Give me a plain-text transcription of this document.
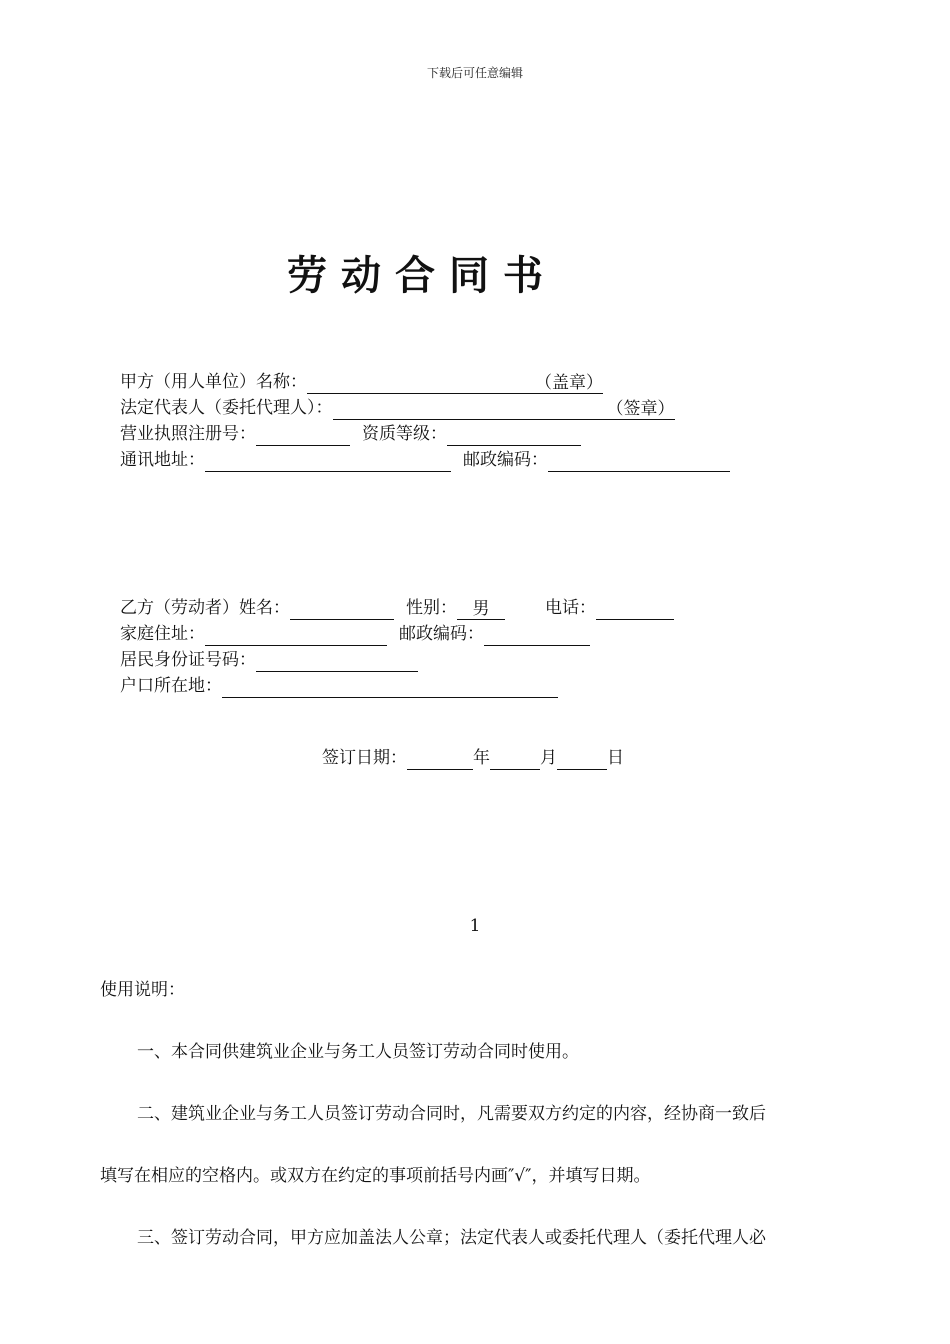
下载后可任意编辑
劳动合同书
甲方（用人单位）名称：	（盖章）
法定代表人（委托代理人）：	（签章）
营业执照注册号：	资质等级：
通讯地址：	邮政编码：
乙方（劳动者）姓名：	性别： 男	电话：
家庭住址：	邮政编码：
居民身份证号码：
户口所在地：
签订日期：	年	月	日
1
使用说明：
一、本合同供建筑业企业与务工人员签订劳动合同时使用。
二、建筑业企业与务工人员签订劳动合同时，凡需要双方约定的内容，经协商一致后
填写在相应的空格内。或双方在约定的事项前括号内画″√″，并填写日期。
三、签订劳动合同，甲方应加盖法人公章；法定代表人或委托代理人（委托代理人必
